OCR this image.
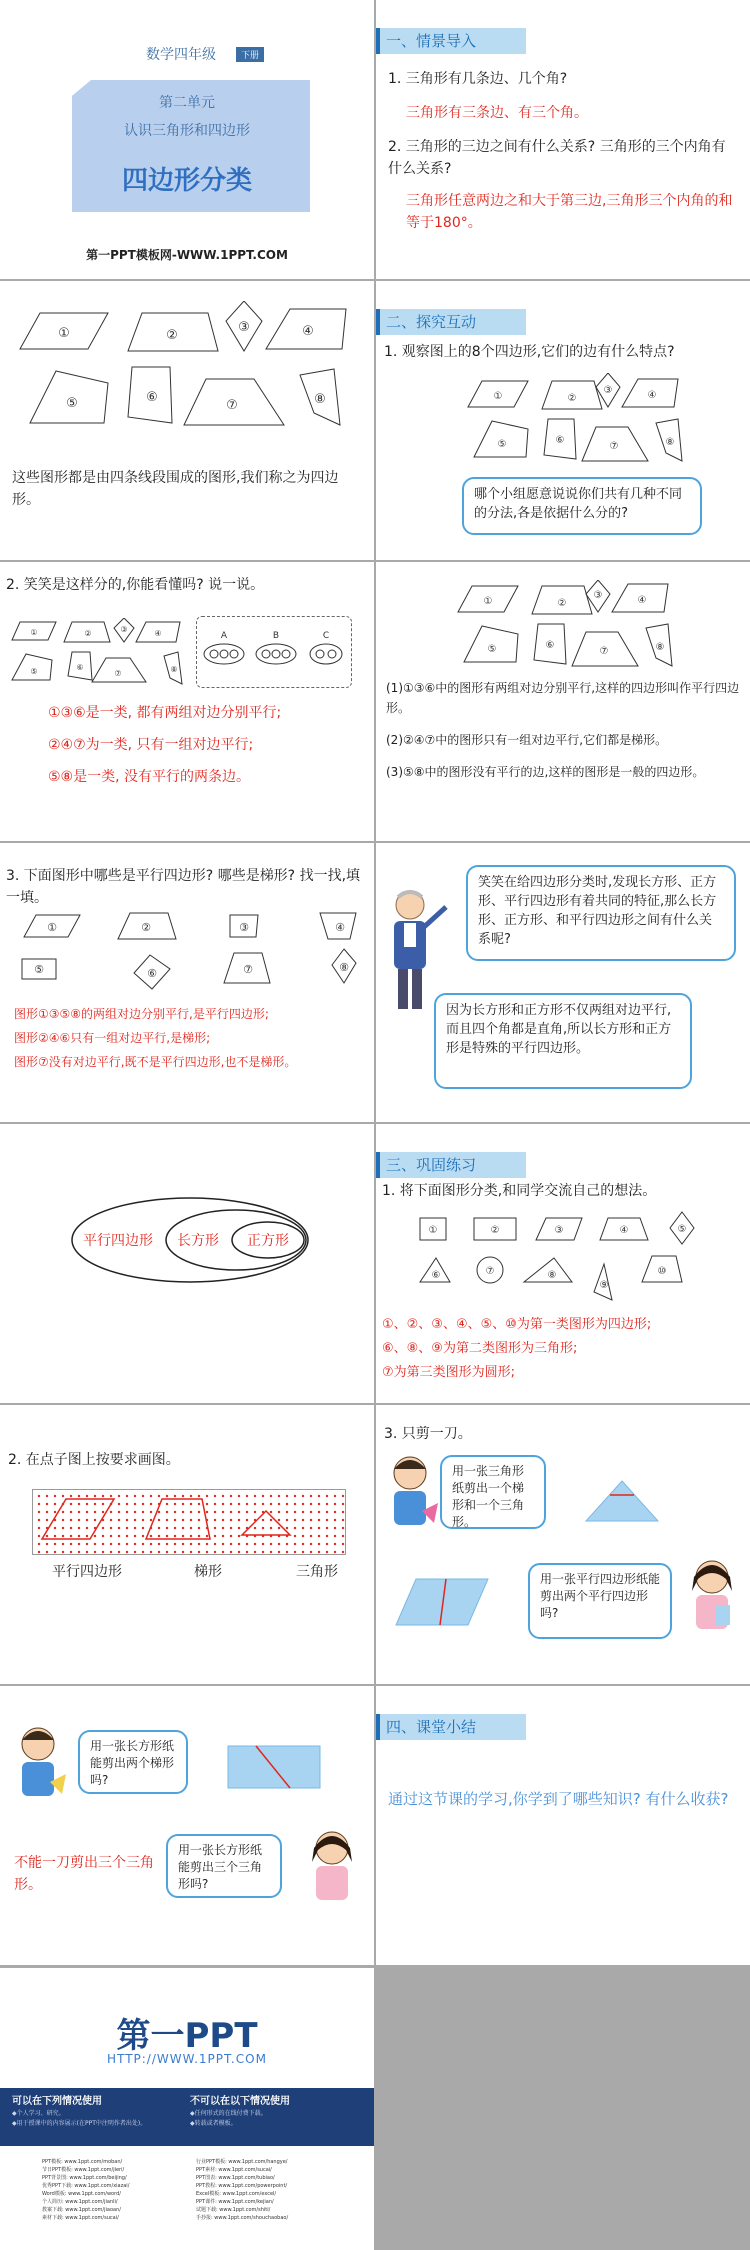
数学四年级	下册
第二单元
认识三角形和四边形
四边形分类
第一PPT模板网-WWW.1PPT.COM
一、情景导入
1. 三角形有几条边、几个角?
三角形有三条边、有三个角。
2. 三角形的三边之间有什么关系? 三角形的三个内角有什么关系?
三角形任意两边之和大于第三边,三角形三个内角的和等于180°。
①	②
③	④
⑤	⑥
⑦	⑧
这些图形都是由四条线段围成的图形,我们称之为四边形。
二、探究互动
1. 观察图上的8个四边形,它们的边有什么特点?
①	②
③	④
⑤	⑥
⑦	⑧
哪个小组愿意说说你们共有几种不同的分法,各是依据什么分的?
2. 笑笑是这样分的,你能看懂吗? 说一说。
①	②	③	④
⑤	⑥
⑦	⑧
A	B	C
①③⑥是一类, 都有两组对边分别平行;
②④⑦为一类, 只有一组对边平行;
⑤⑧是一类, 没有平行的两条边。
①	②
③	④
⑤	⑥
⑦	⑧
(1)①③⑥中的图形有两组对边分别平行,这样的四边形叫作平行四边形。
(2)②④⑦中的图形只有一组对边平行,它们都是梯形。
(3)⑤⑧中的图形没有平行的边,这样的图形是一般的四边形。
3. 下面图形中哪些是平行四边形? 哪些是梯形? 找一找,填一填。
①	②	③	④
⑤	⑥	⑦	⑧
图形①③⑤⑧的两组对边分别平行,是平行四边形;
图形②④⑥只有一组对边平行,是梯形;
图形⑦没有对边平行,既不是平行四边形,也不是梯形。
笑笑在给四边形分类时,发现长方形、正方形、平行四边形有着共同的特征,那么长方形、正方形、和平行四边形之间有什么关系呢?
因为长方形和正方形不仅两组对边平行,而且四个角都是直角,所以长方形和正方形是特殊的平行四边形。
平行四边形 长方形 正方形
三、巩固练习
1. 将下面图形分类,和同学交流自己的想法。
①	②	③	④	⑤
⑥	⑦	⑧
⑨
⑩
①、②、③、④、⑤、⑩为第一类图形为四边形;
⑥、⑧、⑨为第二类图形为三角形;
⑦为第三类图形为圆形;
2. 在点子图上按要求画图。
平行四边形	梯形	三角形
3. 只剪一刀。
用一张三角形纸剪出一个梯形和一个三角形。
用一张平行四边形纸能剪出两个平行四边形吗?
用一张长方形纸能剪出两个梯形吗?
不能一刀剪出三个三角形。
用一张长方形纸能剪出三个三角形吗?
四、课堂小结
通过这节课的学习,你学到了哪些知识? 有什么收获?
第一PPT
HTTP://WWW.1PPT.COM
可以在下列情况使用
◆个人学习、研究。
◆用于授课中的内容展示(在PPT中注明作者出处)。
不可以在以下情况使用
◆任何形式的在线付费下载。
◆转载或者模板。
PPT模板: www.1ppt.com/moban/
节日PPT模板: www.1ppt.com/jieri/
PPT背景图: www.1ppt.com/beijing/
优秀PPT下载: www.1ppt.com/xiazai/
Word模板: www.1ppt.com/word/
个人简历: www.1ppt.com/jianli/
教案下载: www.1ppt.com/jiaoan/
素材下载: www.1ppt.com/sucai/
行业PPT模板: www.1ppt.com/hangye/
PPT素材: www.1ppt.com/sucai/
PPT图表: www.1ppt.com/tubiao/
PPT教程: www.1ppt.com/powerpoint/
Excel模板: www.1ppt.com/excel/
PPT课件: www.1ppt.com/kejian/
试题下载: www.1ppt.com/shiti/
手抄报: www.1ppt.com/shouchaobao/
